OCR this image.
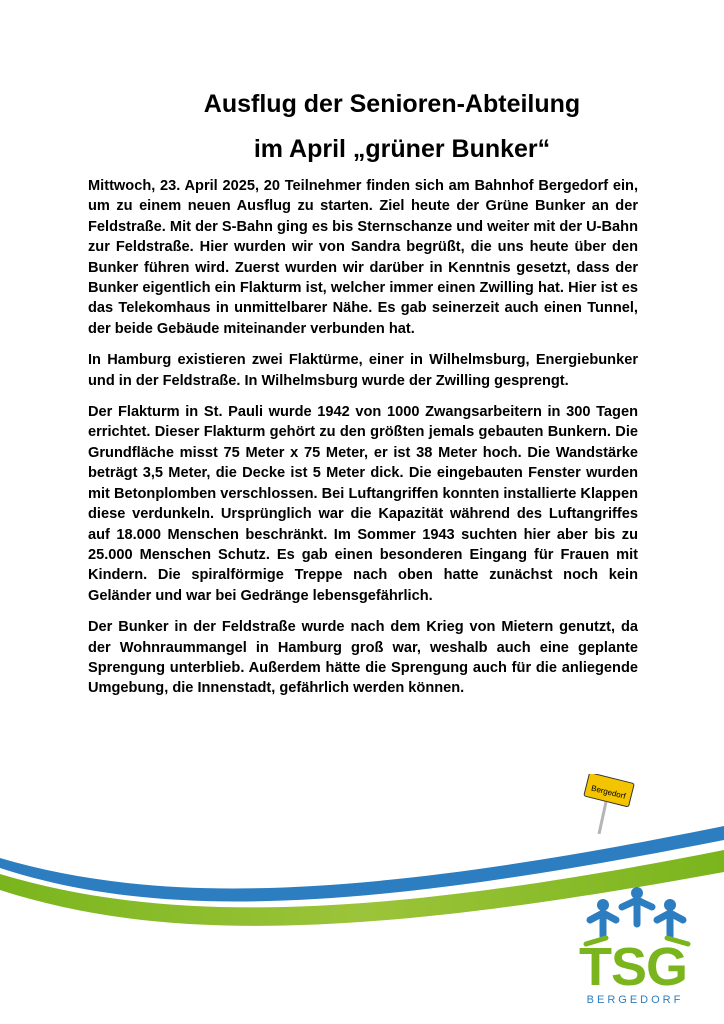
Ausflug der Senioren-Abteilung
im April „grüner Bunker“

Mittwoch, 23. April 2025, 20 Teilnehmer finden sich am Bahnhof Bergedorf ein, um zu einem neuen Ausflug zu starten. Ziel heute der Grüne Bunker an der Feldstraße. Mit der S-Bahn ging es bis Sternschanze und weiter mit der U-Bahn zur Feldstraße. Hier wurden wir von Sandra begrüßt, die uns heute über den Bunker führen wird. Zuerst wurden wir darüber in Kenntnis gesetzt, dass der Bunker eigentlich ein Flakturm ist, welcher immer einen Zwilling hat. Hier ist es das Telekomhaus in unmittelbarer Nähe. Es gab seinerzeit auch einen Tunnel, der beide Gebäude miteinander verbunden hat.

In Hamburg existieren zwei Flaktürme, einer in Wilhelmsburg, Energiebunker und in der Feldstraße. In Wilhelmsburg wurde der Zwilling gesprengt.

Der Flakturm in St. Pauli wurde 1942 von 1000 Zwangsarbeitern in 300 Tagen errichtet. Dieser Flakturm gehört zu den größten jemals gebauten Bunkern. Die Grundfläche misst 75 Meter x 75 Meter, er ist 38 Meter hoch. Die Wandstärke beträgt 3,5 Meter, die Decke ist 5 Meter dick. Die eingebauten Fenster wurden mit Betonplomben verschlossen. Bei Luftangriffen konnten installierte Klappen diese verdunkeln. Ursprünglich war die Kapazität während des Luftangriffes auf 18.000 Menschen beschränkt. Im Sommer 1943 suchten hier aber bis zu 25.000 Menschen Schutz. Es gab einen besonderen Eingang für Frauen mit Kindern. Die spiralförmige Treppe nach oben hatte zunächst noch kein Geländer und war bei Gedränge lebensgefährlich.

Der Bunker in der Feldstraße wurde nach dem Krieg von Mietern genutzt, da der Wohnraummangel in Hamburg groß war, weshalb auch eine geplante Sprengung unterblieb. Außerdem hätte die Sprengung auch für die anliegende Umgebung, die Innenstadt, gefährlich werden können.

Bergedorf
TSG
BERGEDORF
